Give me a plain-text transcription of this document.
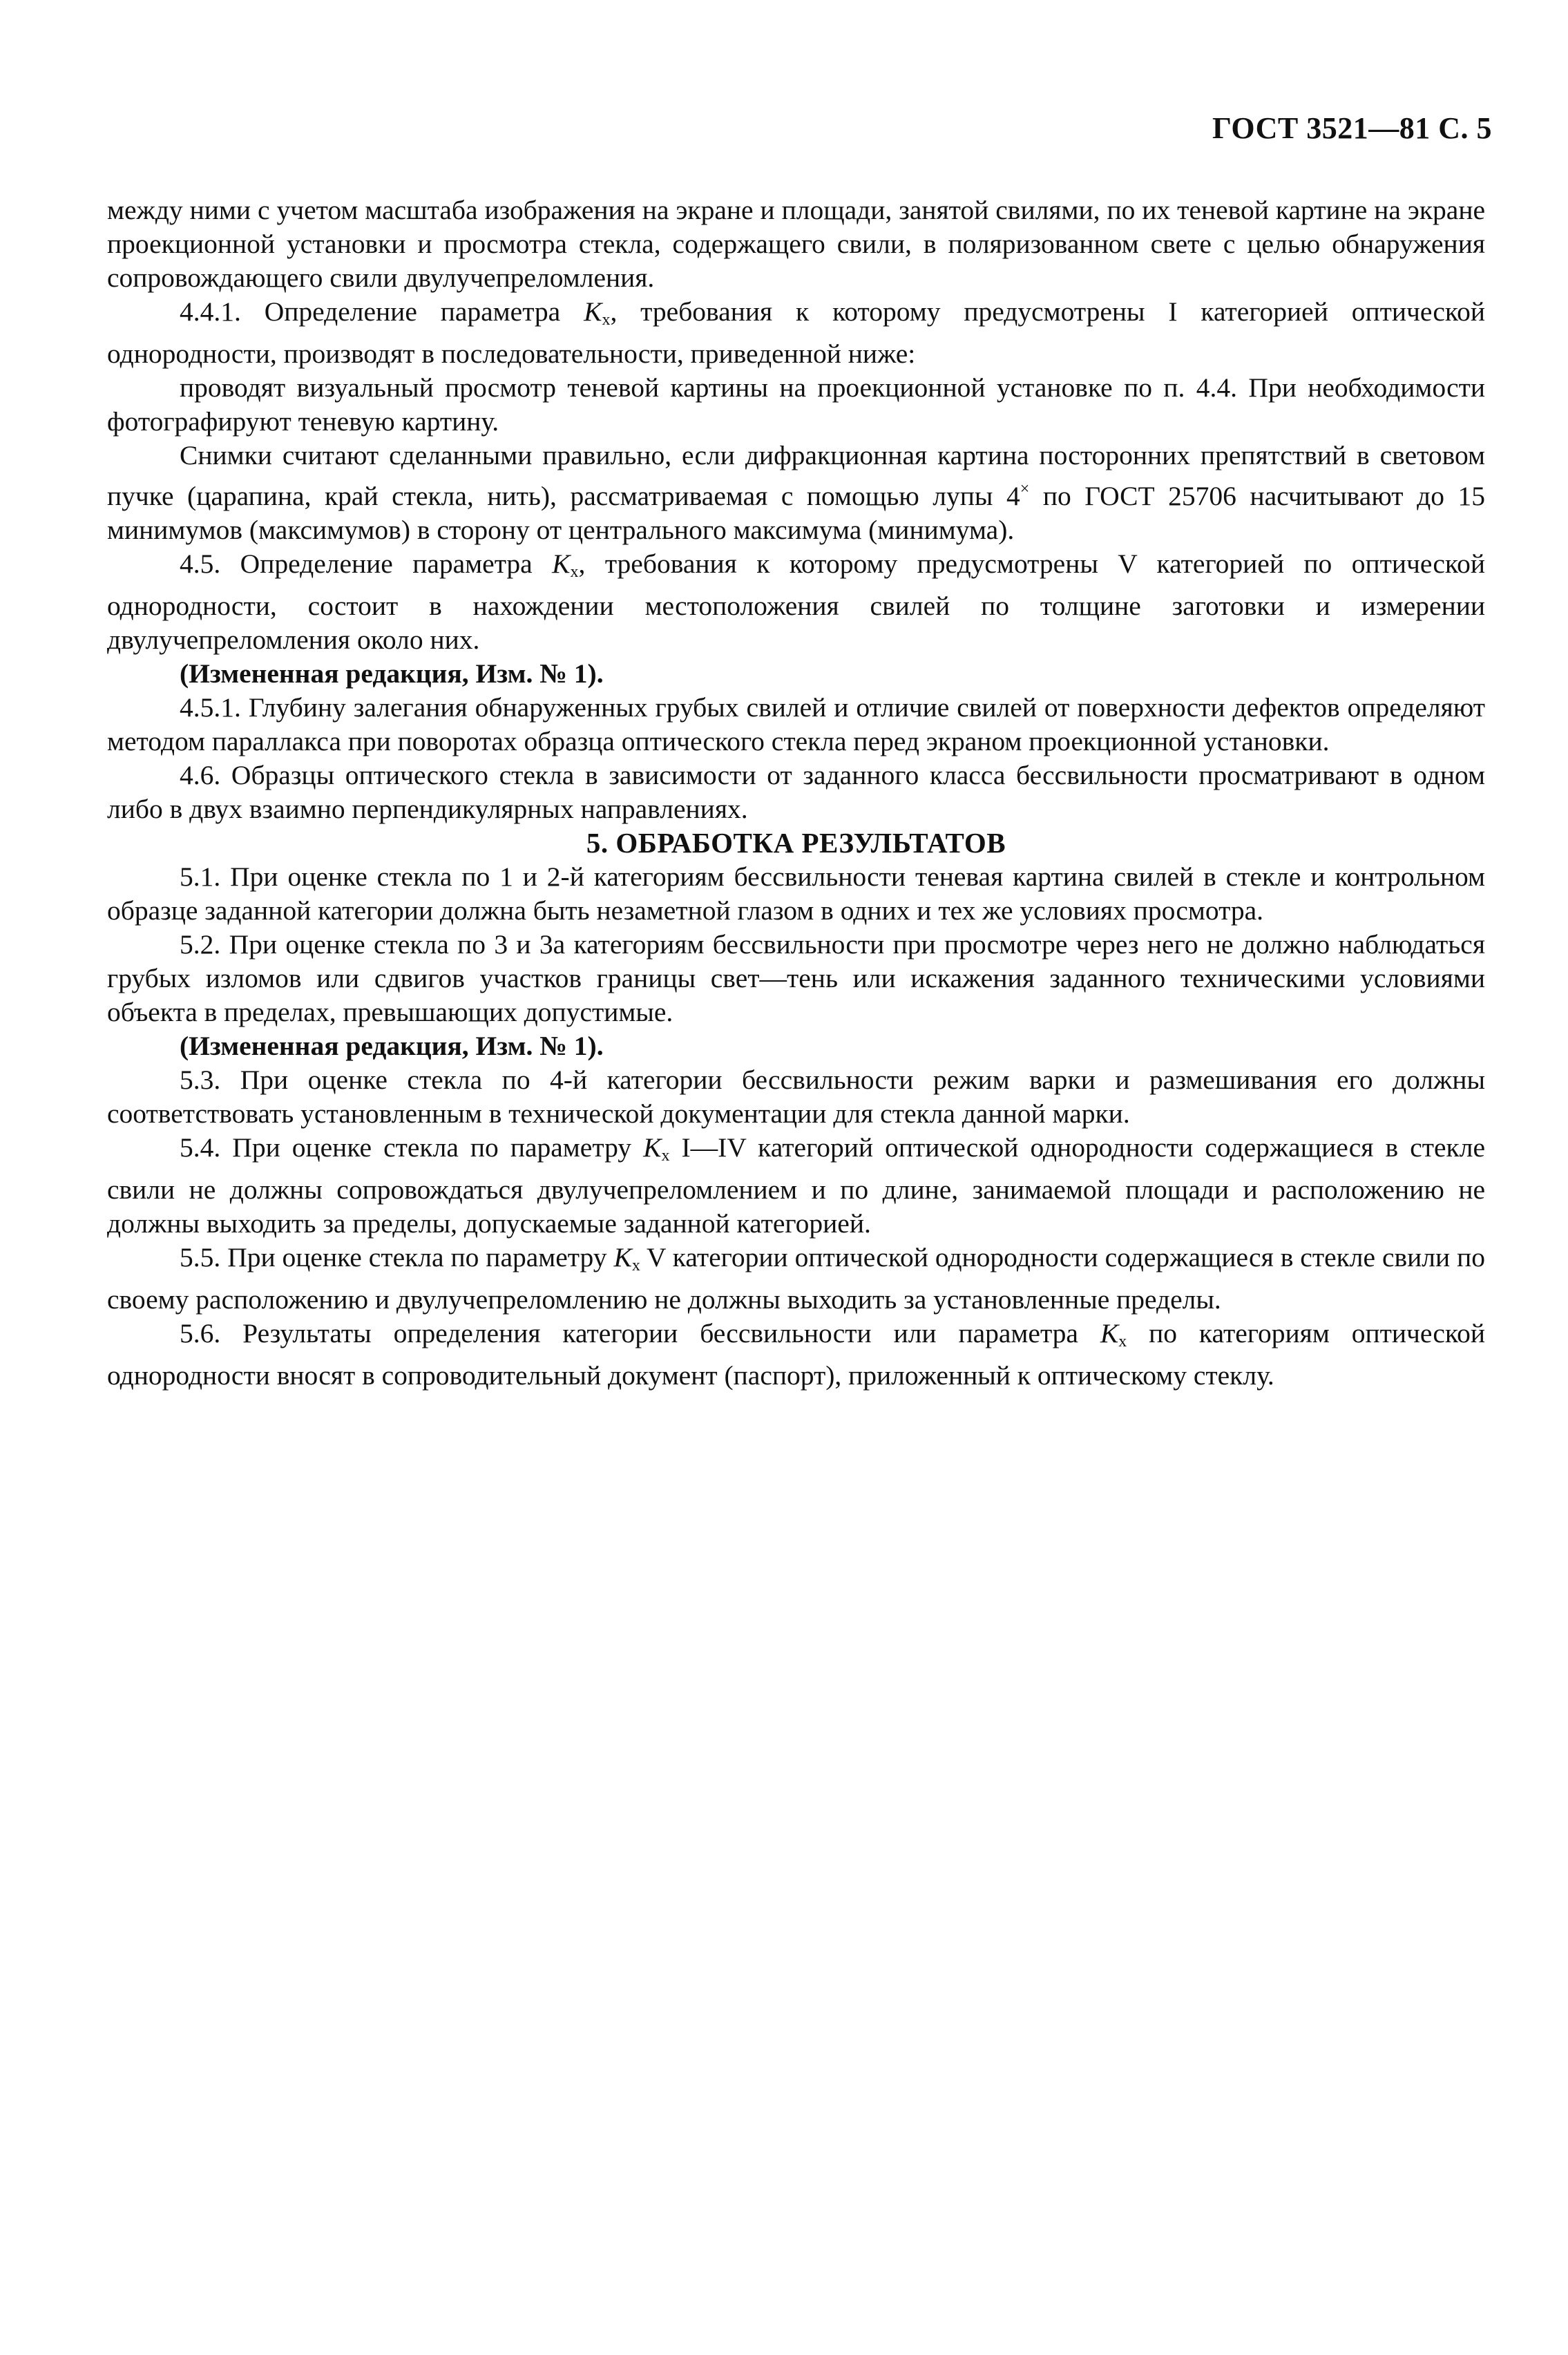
ГОСТ 3521—81 С. 5

между ними с учетом масштаба изображения на экране и площади, занятой свилями, по их теневой картине на экране проекционной установки и просмотра стекла, содержащего свили, в поляризованном свете с целью обнаружения сопровождающего свили двулучепреломления.

4.4.1. Определение параметра $K_x$, требования к которому предусмотрены I категорией оптической однородности, производят в последовательности, приведенной ниже:

проводят визуальный просмотр теневой картины на проекционной установке по п. 4.4. При необходимости фотографируют теневую картину.

Снимки считают сделанными правильно, если дифракционная картина посторонних препятствий в световом пучке (царапина, край стекла, нить), рассматриваемая с помощью лупы 4× по ГОСТ 25706 насчитывают до 15 минимумов (максимумов) в сторону от центрального максимума (минимума).

4.5. Определение параметра $K_x$, требования к которому предусмотрены V категорией по оптической однородности, состоит в нахождении местоположения свилей по толщине заготовки и измерении двулучепреломления около них.

(Измененная редакция, Изм. № 1).

4.5.1. Глубину залегания обнаруженных грубых свилей и отличие свилей от поверхности дефектов определяют методом параллакса при поворотах образца оптического стекла перед экраном проекционной установки.

4.6. Образцы оптического стекла в зависимости от заданного класса бессвильности просматривают в одном либо в двух взаимно перпендикулярных направлениях.

5. ОБРАБОТКА РЕЗУЛЬТАТОВ

5.1. При оценке стекла по 1 и 2-й категориям бессвильности теневая картина свилей в стекле и контрольном образце заданной категории должна быть незаметной глазом в одних и тех же условиях просмотра.

5.2. При оценке стекла по 3 и 3а категориям бессвильности при просмотре через него не должно наблюдаться грубых изломов или сдвигов участков границы свет—тень или искажения заданного техническими условиями объекта в пределах, превышающих допустимые.

(Измененная редакция, Изм. № 1).

5.3. При оценке стекла по 4-й категории бессвильности режим варки и размешивания его должны соответствовать установленным в технической документации для стекла данной марки.

5.4. При оценке стекла по параметру $K_x$ I—IV категорий оптической однородности содержащиеся в стекле свили не должны сопровождаться двулучепреломлением и по длине, занимаемой площади и расположению не должны выходить за пределы, допускаемые заданной категорией.

5.5. При оценке стекла по параметру $K_x$ V категории оптической однородности содержащиеся в стекле свили по своему расположению и двулучепреломлению не должны выходить за установленные пределы.

5.6. Результаты определения категории бессвильности или параметра $K_x$ по категориям оптической однородности вносят в сопроводительный документ (паспорт), приложенный к оптическому стеклу.
